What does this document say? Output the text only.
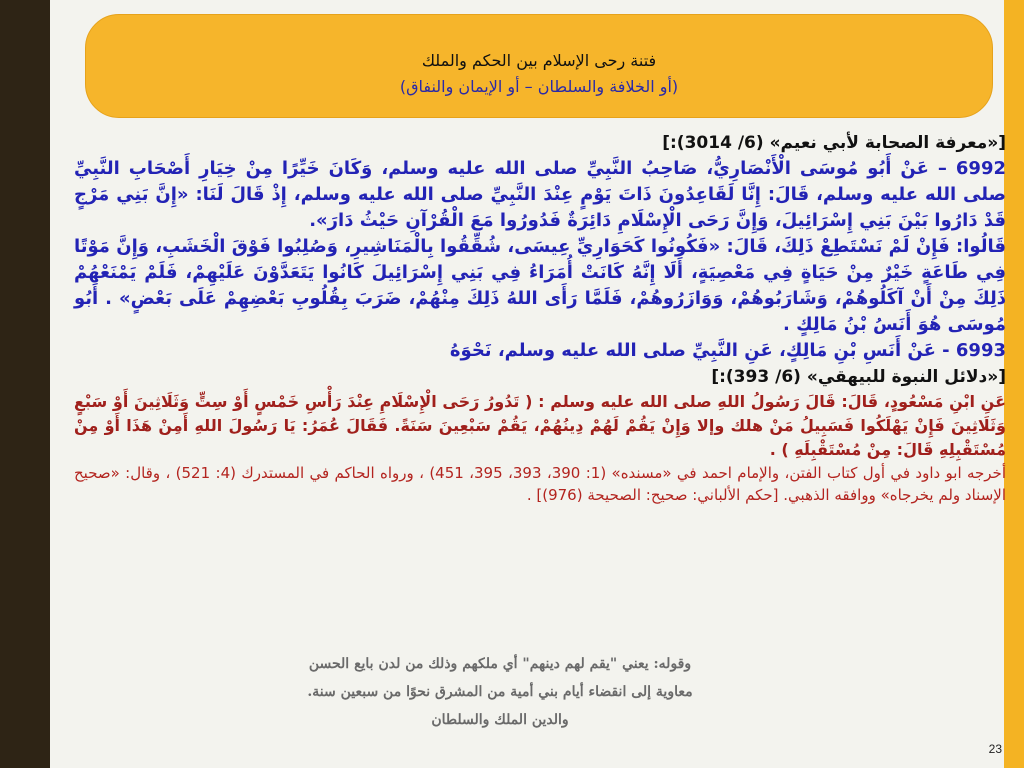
فتنة رحى الإسلام بين الحكم والملك
(أو الخلافة والسلطان – أو الإيمان والنفاق)

[«معرفة الصحابة لأبي نعيم» (6/ 3014):]

6992 – عَنْ أَبُو مُوسَى الْأَنْصَارِيُّ، صَاحِبُ النَّبِيِّ صلى الله عليه وسلم، وَكَانَ خَيِّرًا مِنْ خِيَارِ أَصْحَابِ النَّبِيِّ صلى الله عليه وسلم، قَالَ: إِنَّا لَقَاعِدُونَ ذَاتَ يَوْمٍ عِنْدَ النَّبِيِّ صلى الله عليه وسلم، إِذْ قَالَ لَنَا: «إِنَّ بَنِي مَرْجٍ قَدْ دَارُوا بَيْنَ بَنِي إِسْرَائِيلَ، وَإِنَّ رَحَى الْإِسْلَامِ دَائِرَةٌ فَدُورُوا مَعَ الْقُرْآنِ حَيْثُ دَارَ».

قَالُوا: فَإِنْ لَمْ نَسْتَطِعْ ذَلِكَ، قَالَ: «فَكُونُوا كَحَوَارِيِّ عِيسَى، شُقِّقُوا بِالْمَنَاشِيرِ، وَصُلِبُوا فَوْقَ الْخَشَبِ، وَإِنَّ مَوْتًا فِي طَاعَةٍ خَيْرٌ مِنْ حَيَاةٍ فِي مَعْصِيَةٍ، أَلَا إِنَّهُ كَانَتْ أُمَرَاءُ فِي بَنِي إِسْرَائِيلَ كَانُوا يَتَعَدَّوْنَ عَلَيْهِمْ، فَلَمْ يَمْنَعْهُمْ ذَلِكَ مِنْ أَنْ آكَلُوهُمْ، وَشَارَبُوهُمْ، وَوَازَرُوهُمْ، فَلَمَّا رَأَى اللهُ ذَلِكَ مِنْهُمْ، ضَرَبَ بِقُلُوبِ بَعْضِهِمْ عَلَى بَعْضٍ» . أَبُو مُوسَى هُوَ أَنَسُ بْنُ مَالِكٍ .

6993 - عَنْ أَنَسِ بْنِ مَالِكٍ، عَنِ النَّبِيِّ صلى الله عليه وسلم، نَحْوَهُ

[«دلائل النبوة للبيهقي» (6/ 393):]

عَنِ ابْنِ مَسْعُودٍ، قَالَ: قَالَ رَسُولُ اللهِ صلى الله عليه وسلم : ( تَدُورُ رَحَى الْإِسْلَامِ عِنْدَ رَأْسِ خَمْسٍ أَوْ سِتٍّ وَثَلَاثِينَ أَوْ سَبْعٍ وَثَلَاثِينَ فَإِنْ يَهْلَكُوا فَسَبِيلُ مَنْ هلك وإلا وَإِنْ يَقُمْ لَهُمْ دِينُهُمْ، يَقُمْ سَبْعِينَ سَنَةً. فَقَالَ عُمَرُ: يَا رَسُولَ اللهِ أَمِنْ هَذَا أَوْ مِنْ مُسْتَقْبِلِهِ قَالَ: مِنْ مُسْتَقْبِلَهِ ) .

أخرجه ابو داود في أول كتاب الفتن، والإمام احمد في «مسنده» (1: 390، 393، 395، 451) ، ورواه الحاكم في المستدرك (4: 521) ، وقال: «صحيح الإسناد ولم يخرجاه» ووافقه الذهبي. [حكم الألباني: صحيح: الصحيحة (976)] .

وقوله: يعني "يقم لهم دينهم" أي ملكهم وذلك من لدن بايع الحسن
معاوية إلى انقضاء أيام بني أمية من المشرق نحوًا من سبعين سنة.
والدين الملك والسلطان
23
